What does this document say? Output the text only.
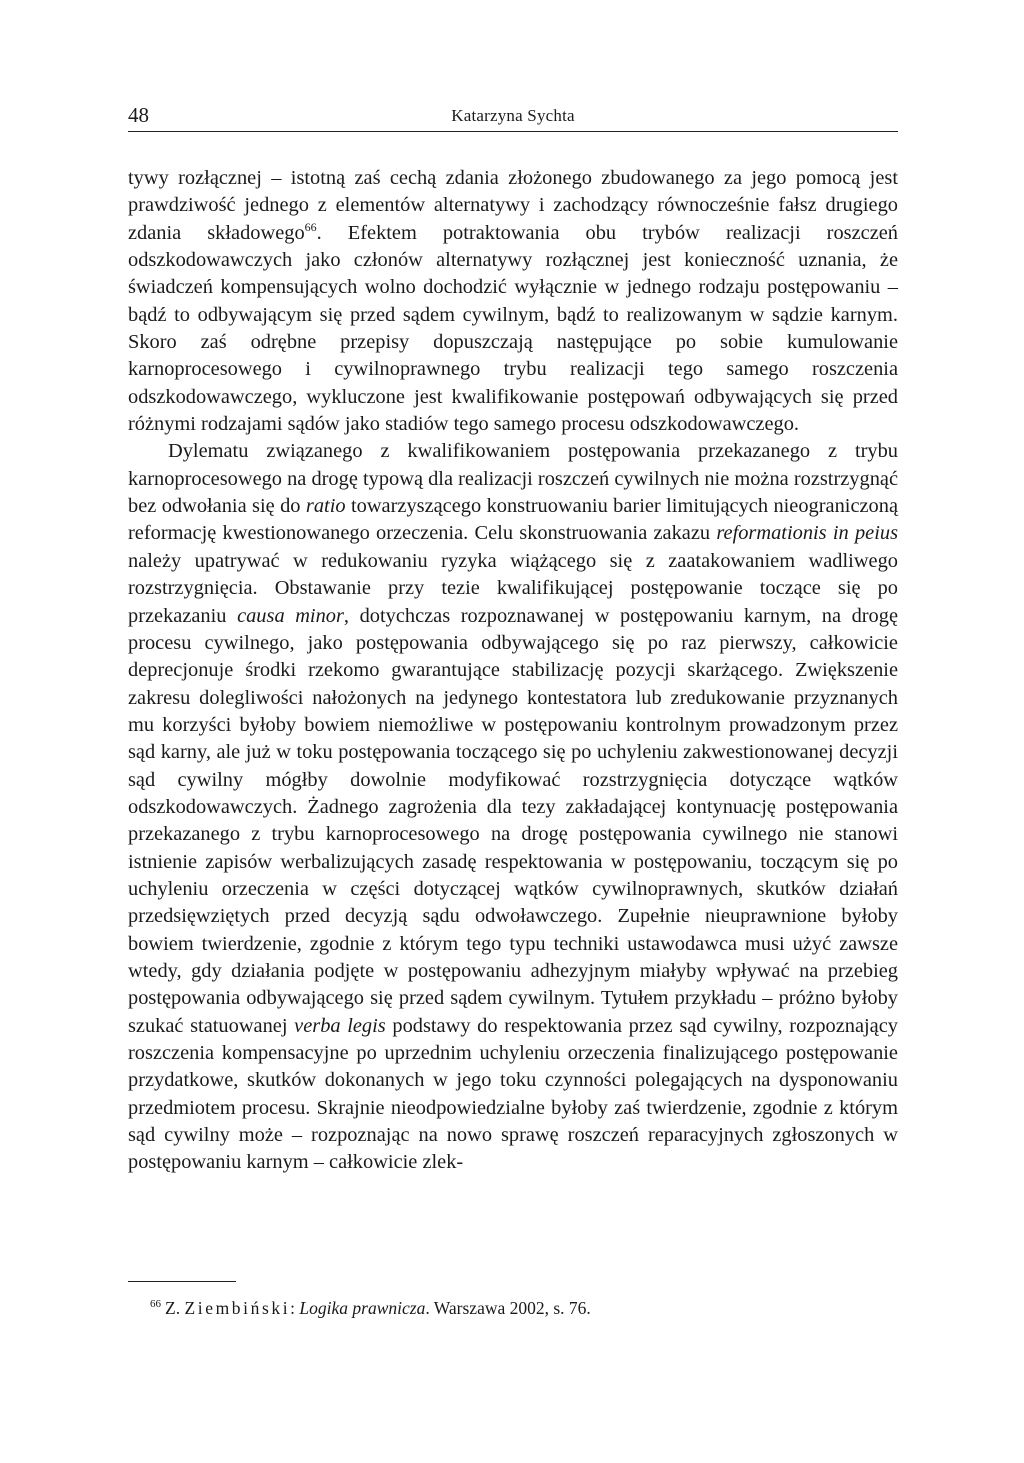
48	Katarzyna Sychta

tywy rozłącznej – istotną zaś cechą zdania złożonego zbudowanego za jego pomocą jest prawdziwość jednego z elementów alternatywy i zachodzący równocześnie fałsz drugiego zdania składowego$^{66}$. Efektem potraktowania obu trybów realizacji roszczeń odszkodowawczych jako członów alternatywy rozłącznej jest konieczność uznania, że świadczeń kompensujących wolno dochodzić wyłącznie w jednego rodzaju postępowaniu – bądź to odbywającym się przed sądem cywilnym, bądź to realizowanym w sądzie karnym. Skoro zaś odrębne przepisy dopuszczają następujące po sobie kumulowanie karnoprocesowego i cywilnoprawnego trybu realizacji tego samego roszczenia odszkodowawczego, wykluczone jest kwalifikowanie postępowań odbywających się przed różnymi rodzajami sądów jako stadiów tego samego procesu odszkodowawczego.

Dylematu związanego z kwalifikowaniem postępowania przekazanego z trybu karnoprocesowego na drogę typową dla realizacji roszczeń cywilnych nie można rozstrzygnąć bez odwołania się do ratio towarzyszącego konstruowaniu barier limitujących nieograniczoną reformację kwestionowanego orzeczenia. Celu skonstruowania zakazu reformationis in peius należy upatrywać w redukowaniu ryzyka wiążącego się z zaatakowaniem wadliwego rozstrzygnięcia. Obstawanie przy tezie kwalifikującej postępowanie toczące się po przekazaniu causa minor, dotychczas rozpoznawanej w postępowaniu karnym, na drogę procesu cywilnego, jako postępowania odbywającego się po raz pierwszy, całkowicie deprecjonuje środki rzekomo gwarantujące stabilizację pozycji skarżącego. Zwiększenie zakresu dolegliwości nałożonych na jedynego kontestatora lub zredukowanie przyznanych mu korzyści byłoby bowiem niemożliwe w postępowaniu kontrolnym prowadzonym przez sąd karny, ale już w toku postępowania toczącego się po uchyleniu zakwestionowanej decyzji sąd cywilny mógłby dowolnie modyfikować rozstrzygnięcia dotyczące wątków odszkodowawczych. Żadnego zagrożenia dla tezy zakładającej kontynuację postępowania przekazanego z trybu karnoprocesowego na drogę postępowania cywilnego nie stanowi istnienie zapisów werbalizujących zasadę respektowania w postępowaniu, toczącym się po uchyleniu orzeczenia w części dotyczącej wątków cywilnoprawnych, skutków działań przedsięwziętych przed decyzją sądu odwoławczego. Zupełnie nieuprawnione byłoby bowiem twierdzenie, zgodnie z którym tego typu techniki ustawodawca musi użyć zawsze wtedy, gdy działania podjęte w postępowaniu adhezyjnym miałyby wpływać na przebieg postępowania odbywającego się przed sądem cywilnym. Tytułem przykładu – próżno byłoby szukać statuowanej verba legis podstawy do respektowania przez sąd cywilny, rozpoznający roszczenia kompensacyjne po uprzednim uchyleniu orzeczenia finalizującego postępowanie przydatkowe, skutków dokonanych w jego toku czynności polegających na dysponowaniu przedmiotem procesu. Skrajnie nieodpowiedzialne byłoby zaś twierdzenie, zgodnie z którym sąd cywilny może – rozpoznając na nowo sprawę roszczeń reparacyjnych zgłoszonych w postępowaniu karnym – całkowicie zlek-

$^{66}$ Z. Ziembiński: Logika prawnicza. Warszawa 2002, s. 76.
